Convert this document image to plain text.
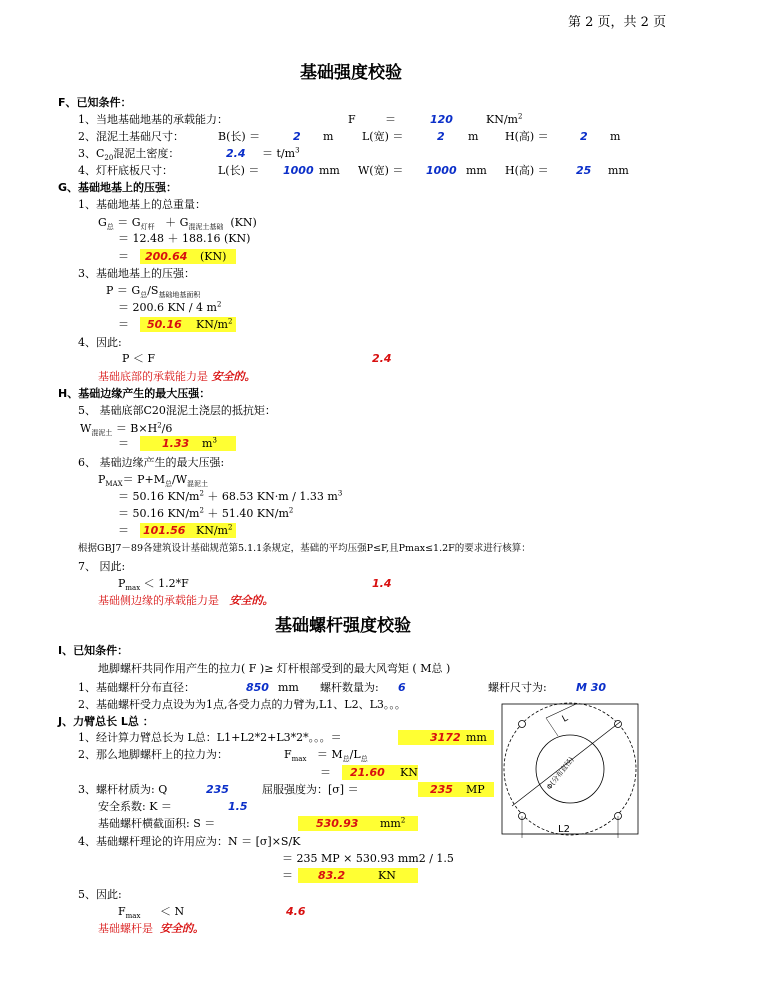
第 2 页，共 2 页
基础强度校验
F、已知条件：
1、当地基础地基的承载能力：	F	＝	120	$KN/m^2$
2、混泥土基础尺寸：	B(长) ＝	2 m	L(宽) ＝	2 m H(高) ＝	2 m
3、$C_{20}$混泥土密度：	$2.4 = t/m^3$
4、灯杆底板尺寸：	L(长) ＝ 1000 mm W(宽) ＝ 1000 mm H(高) ＝ 25 mm
G、基础地基上的压强：
1、基础地基上的总重量：
$G_总 = G_{灯杆} + G_{混泥土基础}$ (KN)
＝ 12.48 ＋ 188.16 (KN)
＝ 200.64 (KN)
3、基础地基上的压强：
$P = G_总/S_{基础地基面积}$
＝ 200.6 KN / 4 $m^2$
＝ 50.16 $KN/m^2$
4、因此:
P ＜ F	2.4
基础底部的承载能力是 安全的。
H、基础边缘产生的最大压强：
5、 基础底部C20混泥土浇层的抵抗矩：
$W_{混泥土} = B\times H^2/6$
＝	1.33 $m^3$
6、 基础边缘产生的最大压强:
$P_{MAX}= P+M_总/W_{混泥土}$
＝ 50.16 $KN/m^2 + 68.53$ KN·m / 1.33 $m^3$
＝ 50.16 $KN/m^2 + 51.40$ $KN/m^2$
＝ 101.56 $KN/m^2$
根据GBJ7－89各建筑设计基础规范第5.1.1条规定，基础的平均压强P≤F,且Pmax≤1.2F的要求进行核算：
7、 因此:
$P_{max} < 1.2*F$	1.4
基础侧边缘的承载能力是 安全的。
基础螺杆强度校验
I、已知条件：
地脚螺杆共同作用产生的拉力( F )≥ 灯杆根部受到的最大风弯矩 ( M总 )
1、基础螺杆分布直径：	850 mm 螺杆数量为: 6	螺杆尺寸为:	M 30
2、基础螺杆受力点设为为1点,各受力点的力臂为,L1、L2、L3。。。
J、力臂总长 L总 ：
1、经计算力臂总长为 L总：L1+L2*2+L3*2*。。。＝	3172 mm
2、那么地脚螺杆上的拉力为：	$F_{max} = M_总/L_总$
＝ 21.60 KN
3、螺杆材质为: Q	235	屈服强度为：[σ] ＝	235 MP
安全系数: K ＝	1.5
基础螺杆横截面积: S ＝	530.93 $mm^2$
4、基础螺杆理论的许用应为：N ＝ [σ]×S/K
＝ 235 MP × 530.93 mm2 / 1.5
＝ 83.2	KN
5、因此:
$F_{max} < N$	4.6
基础螺杆是 安全的。
L
L2
Φ(分布直径)
